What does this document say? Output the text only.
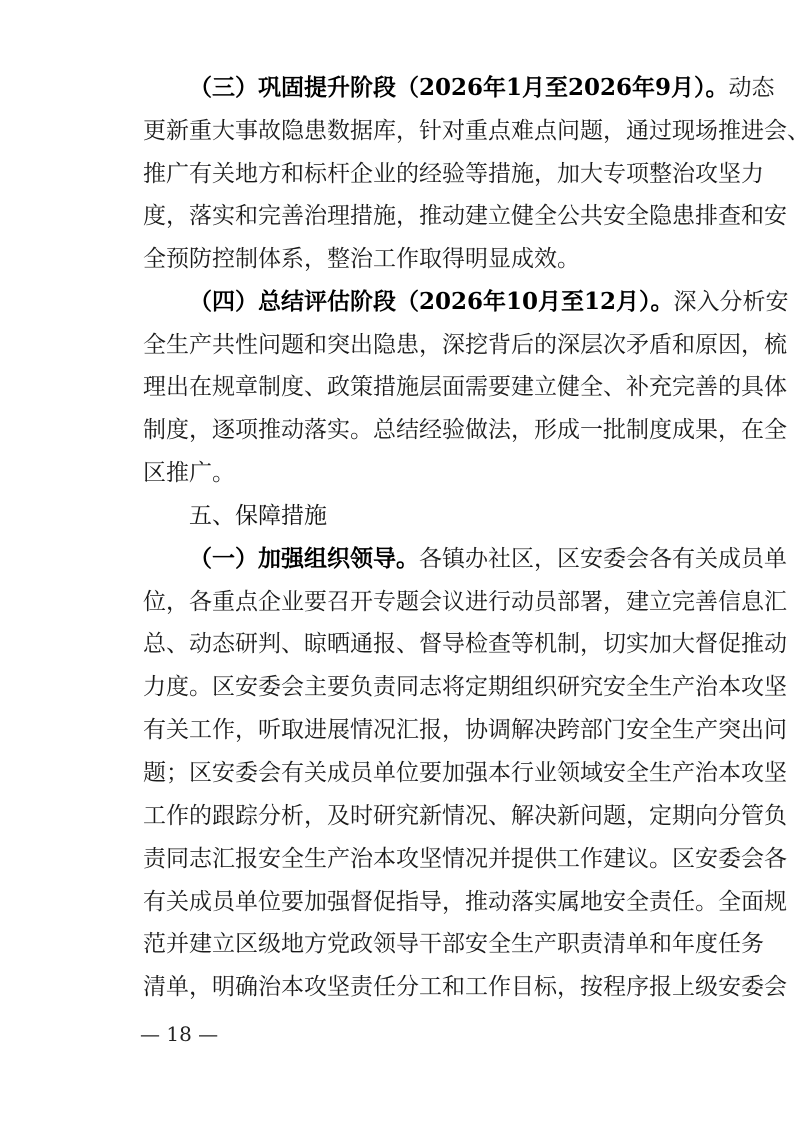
（三）巩固提升阶段（2026年1月至2026年9月）。动态
更新重大事故隐患数据库，针对重点难点问题，通过现场推进会、
推广有关地方和标杆企业的经验等措施，加大专项整治攻坚力
度，落实和完善治理措施，推动建立健全公共安全隐患排查和安
全预防控制体系，整治工作取得明显成效。
（四）总结评估阶段（2026年10月至12月）。深入分析安
全生产共性问题和突出隐患，深挖背后的深层次矛盾和原因，梳
理出在规章制度、政策措施层面需要建立健全、补充完善的具体
制度，逐项推动落实。总结经验做法，形成一批制度成果，在全
区推广。
五、保障措施
（一）加强组织领导。各镇办社区，区安委会各有关成员单
位，各重点企业要召开专题会议进行动员部署，建立完善信息汇
总、动态研判、晾晒通报、督导检查等机制，切实加大督促推动
力度。区安委会主要负责同志将定期组织研究安全生产治本攻坚
有关工作，听取进展情况汇报，协调解决跨部门安全生产突出问
题；区安委会有关成员单位要加强本行业领域安全生产治本攻坚
工作的跟踪分析，及时研究新情况、解决新问题，定期向分管负
责同志汇报安全生产治本攻坚情况并提供工作建议。区安委会各
有关成员单位要加强督促指导，推动落实属地安全责任。全面规
范并建立区级地方党政领导干部安全生产职责清单和年度任务
— 18 —
清单，明确治本攻坚责任分工和工作目标，按程序报上级安委会
